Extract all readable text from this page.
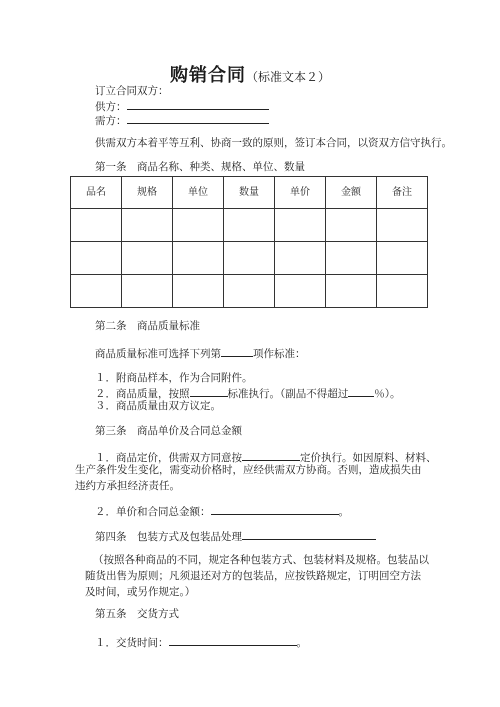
购销合同（标准文本２）
订立合同双方：
供方：
需方：
供需双方本着平等互利、协商一致的原则，签订本合同，以资双方信守执行。
第一条　商品名称、种类、规格、单位、数量
品名	规格	单位	数量	单价	金额	备注

第二条　商品质量标准
商品质量标准可选择下列第	项作标准：
１．附商品样本，作为合同附件。
２．商品质量，按照	标准执行。（副品不得超过 ％）。
３．商品质量由双方议定。
第三条　商品单价及合同总金额
１．商品定价，供需双方同意按	定价执行。如因原料、材料、
生产条件发生变化，需变动价格时，应经供需双方协商。否则，造成损失由违约方承担经济责任。
２．单价和合同总金额：	。
第四条　包装方式及包装品处理
（按照各种商品的不同，规定各种包装方式、包装材料及规格。包装品以随货出售为原则；凡须退还对方的包装品，应按铁路规定，订明回空方法及时间，或另作规定。）
第五条　交货方式
１．交货时间：	。
